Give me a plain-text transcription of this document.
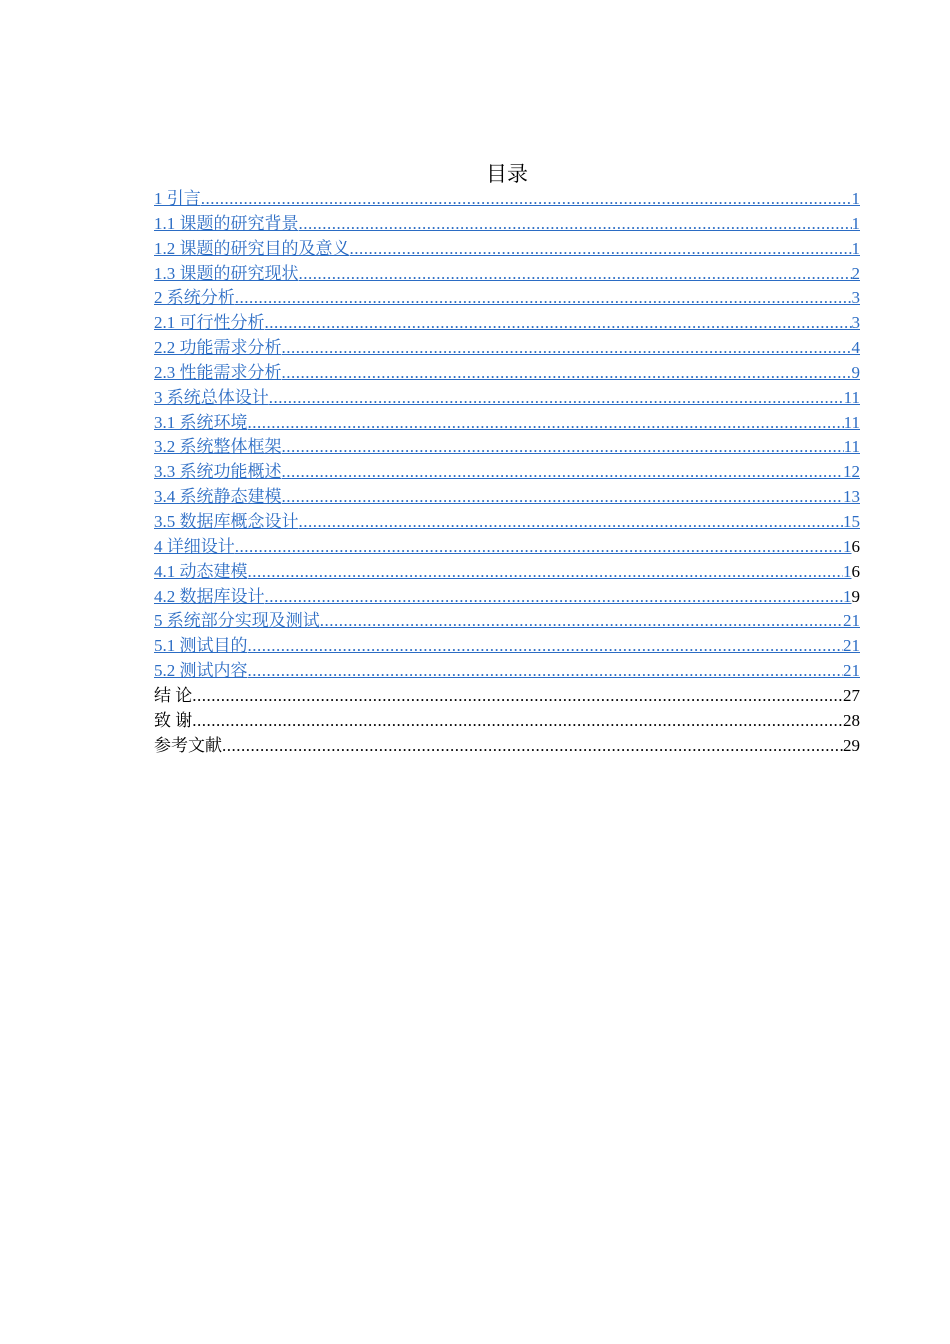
目录
1 引言 .....	1
1.1 课题的研究背景 .....	1
1.2 课题的研究目的及意义 .....	1
1.3 课题的研究现状 .....	2
2 系统分析 .....	3
2.1 可行性分析 .....	3
2.2 功能需求分析 .....	4
2.3 性能需求分析 .....	9
3 系统总体设计 .....	11
3.1 系统环境 .....	11
3.2 系统整体框架 .....	11
3.3 系统功能概述 .....	12
3.4 系统静态建模 .....	13
3.5 数据库概念设计 .....	15
4 详细设计 .....	16
4.1 动态建模 .....	16
4.2 数据库设计 .....	19
5 系统部分实现及测试 .....	21
5.1 测试目的 .....	21
5.2 测试内容 .....	21
结 论 .....	27
致 谢 .....	28
参考文献 .....	29
